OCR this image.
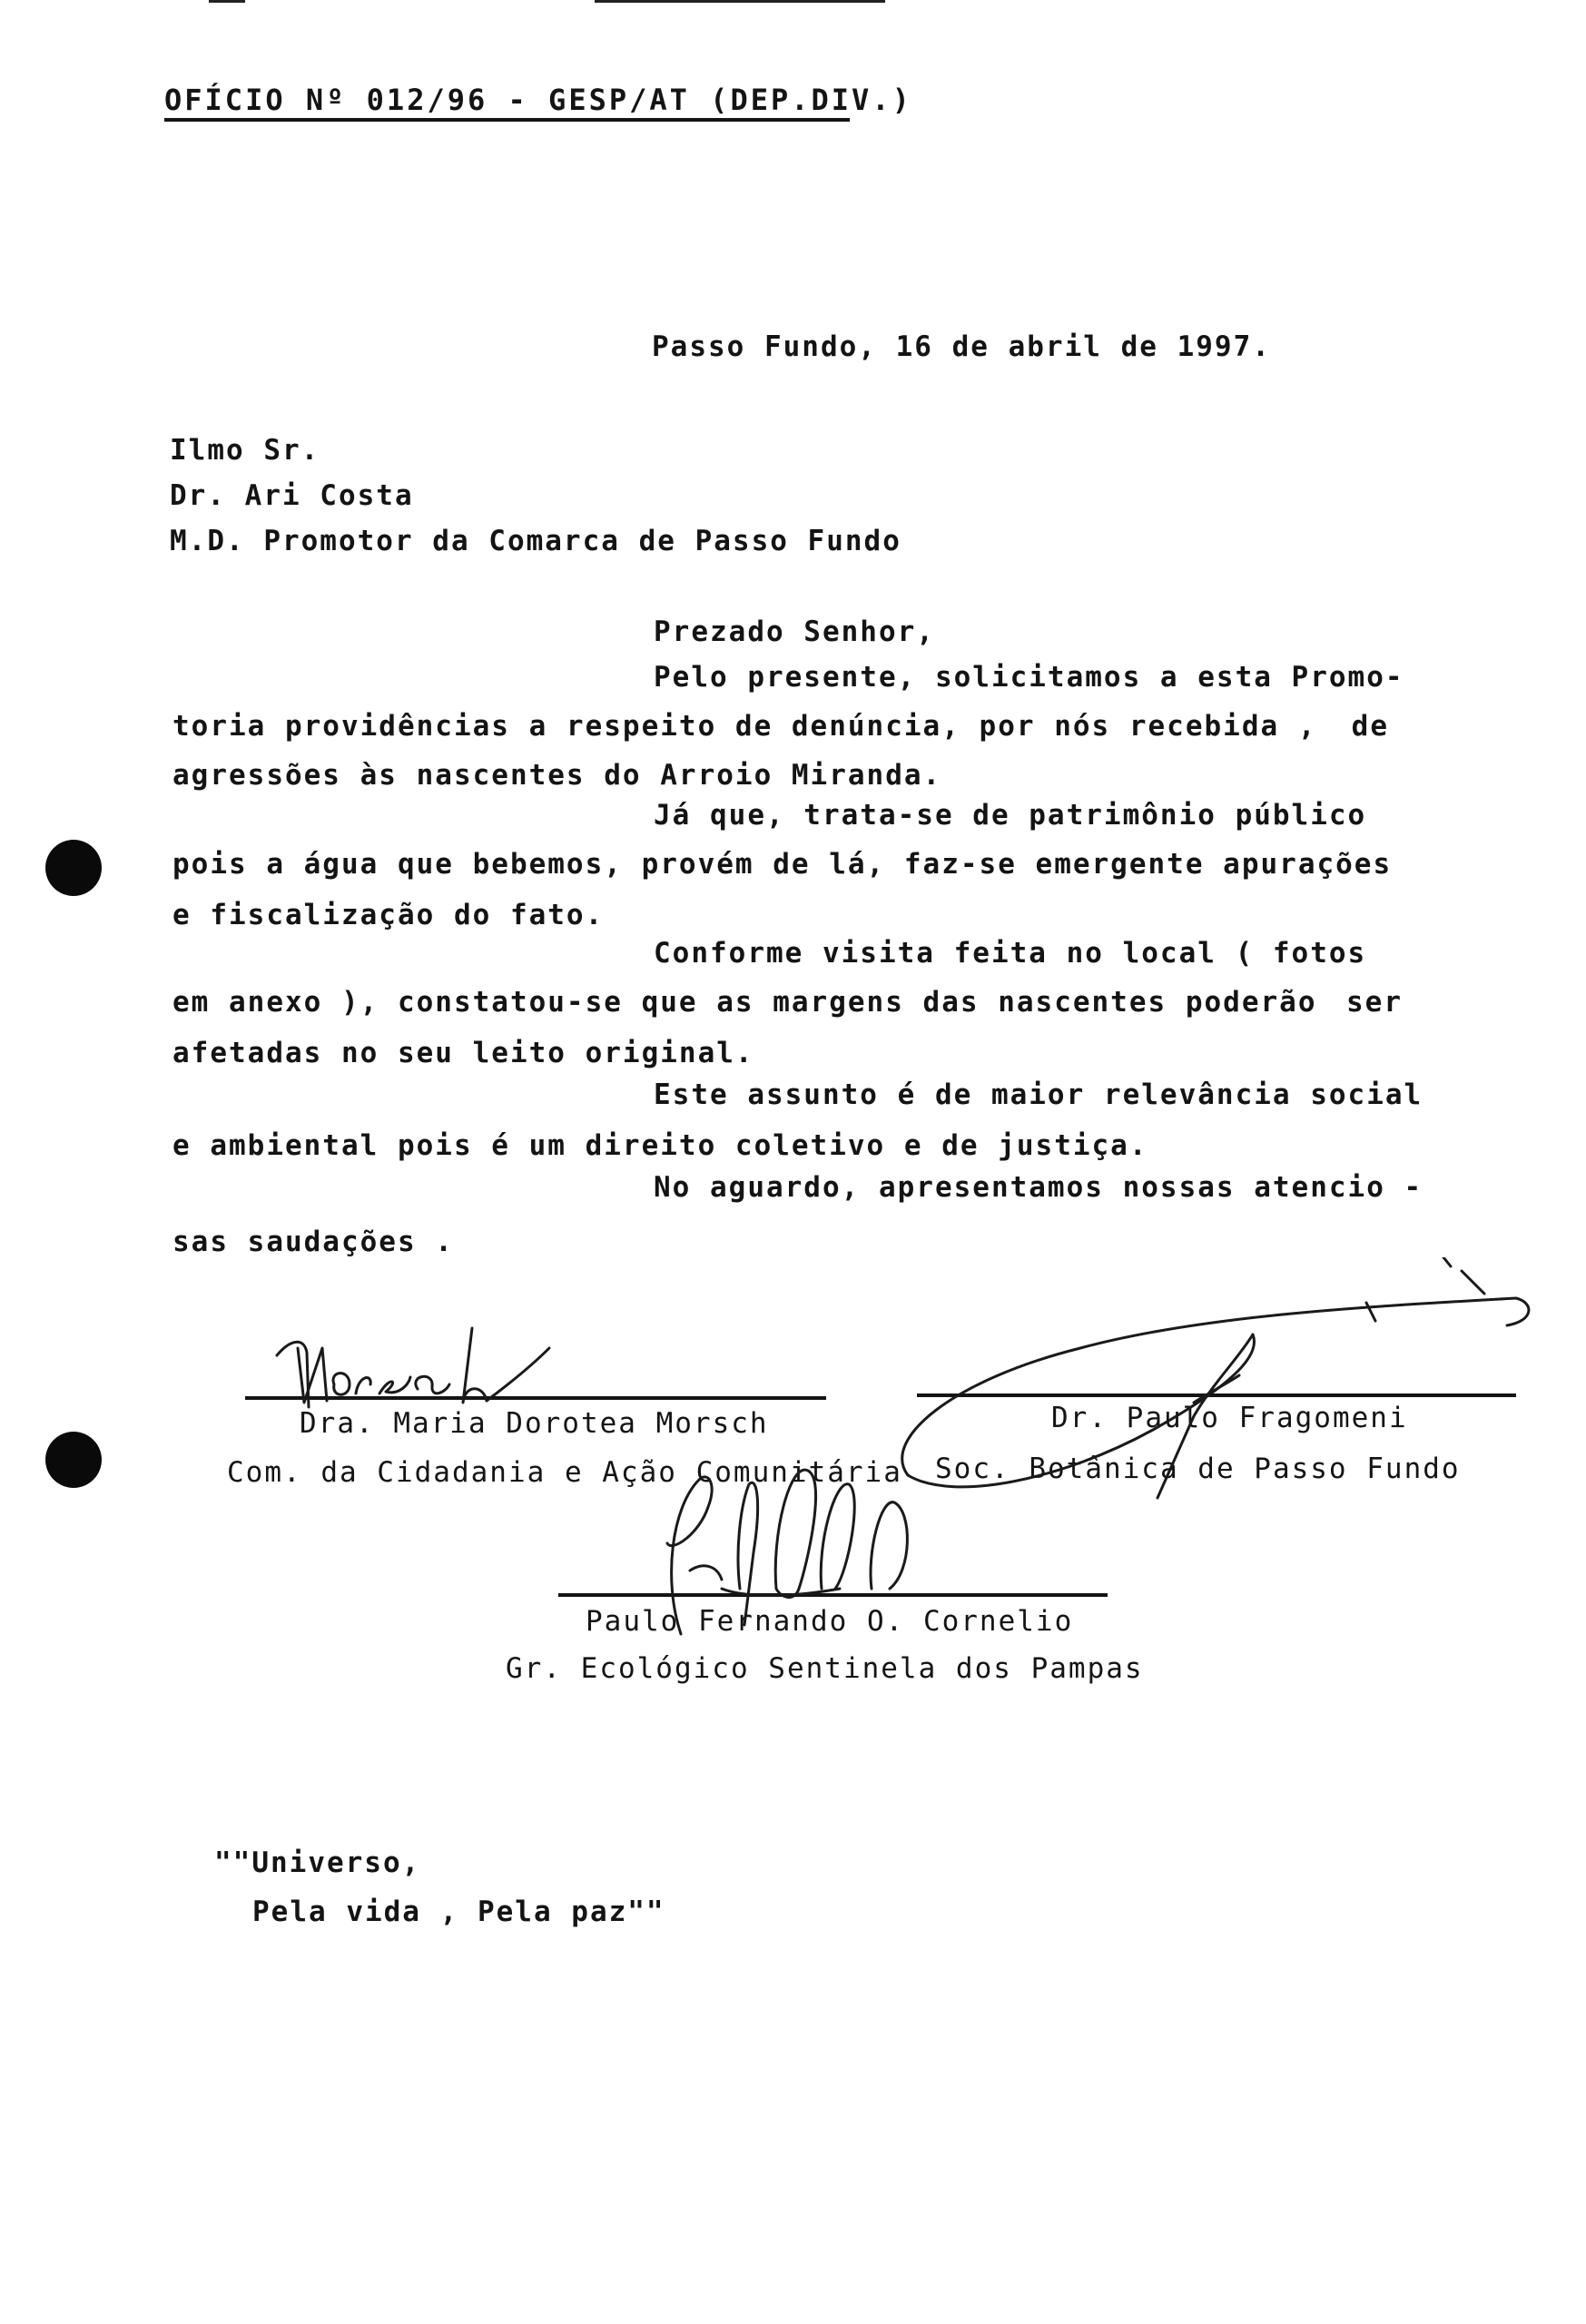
OFÍCIO Nº 012/96 - GESP/AT (DEP.DIV.)
Passo Fundo, 16 de abril de 1997.
Ilmo Sr.
Dr. Ari Costa
M.D. Promotor da Comarca de Passo Fundo
Prezado Senhor,
Pelo presente, solicitamos a esta Promo-
toria providências a respeito de denúncia, por nós recebida , de
agressões às nascentes do Arroio Miranda.
Já que, trata-se de patrimônio público
pois a água que bebemos, provém de lá, faz-se emergente apurações
e fiscalização do fato.
Conforme visita feita no local ( fotos
em anexo ), constatou-se que as margens das nascentes poderão ser
afetadas no seu leito original.
Este assunto é de maior relevância social
e ambiental pois é um direito coletivo e de justiça.
No aguardo, apresentamos nossas atencio -
sas saudações .
Dra. Maria Dorotea Morsch
Com. da Cidadania e Ação Comunitária
Dr. Paulo Fragomeni
Soc. Botânica de Passo Fundo
Paulo Fernando O. Cornelio
Gr. Ecológico Sentinela dos Pampas
""Universo,
Pela vida , Pela paz""
